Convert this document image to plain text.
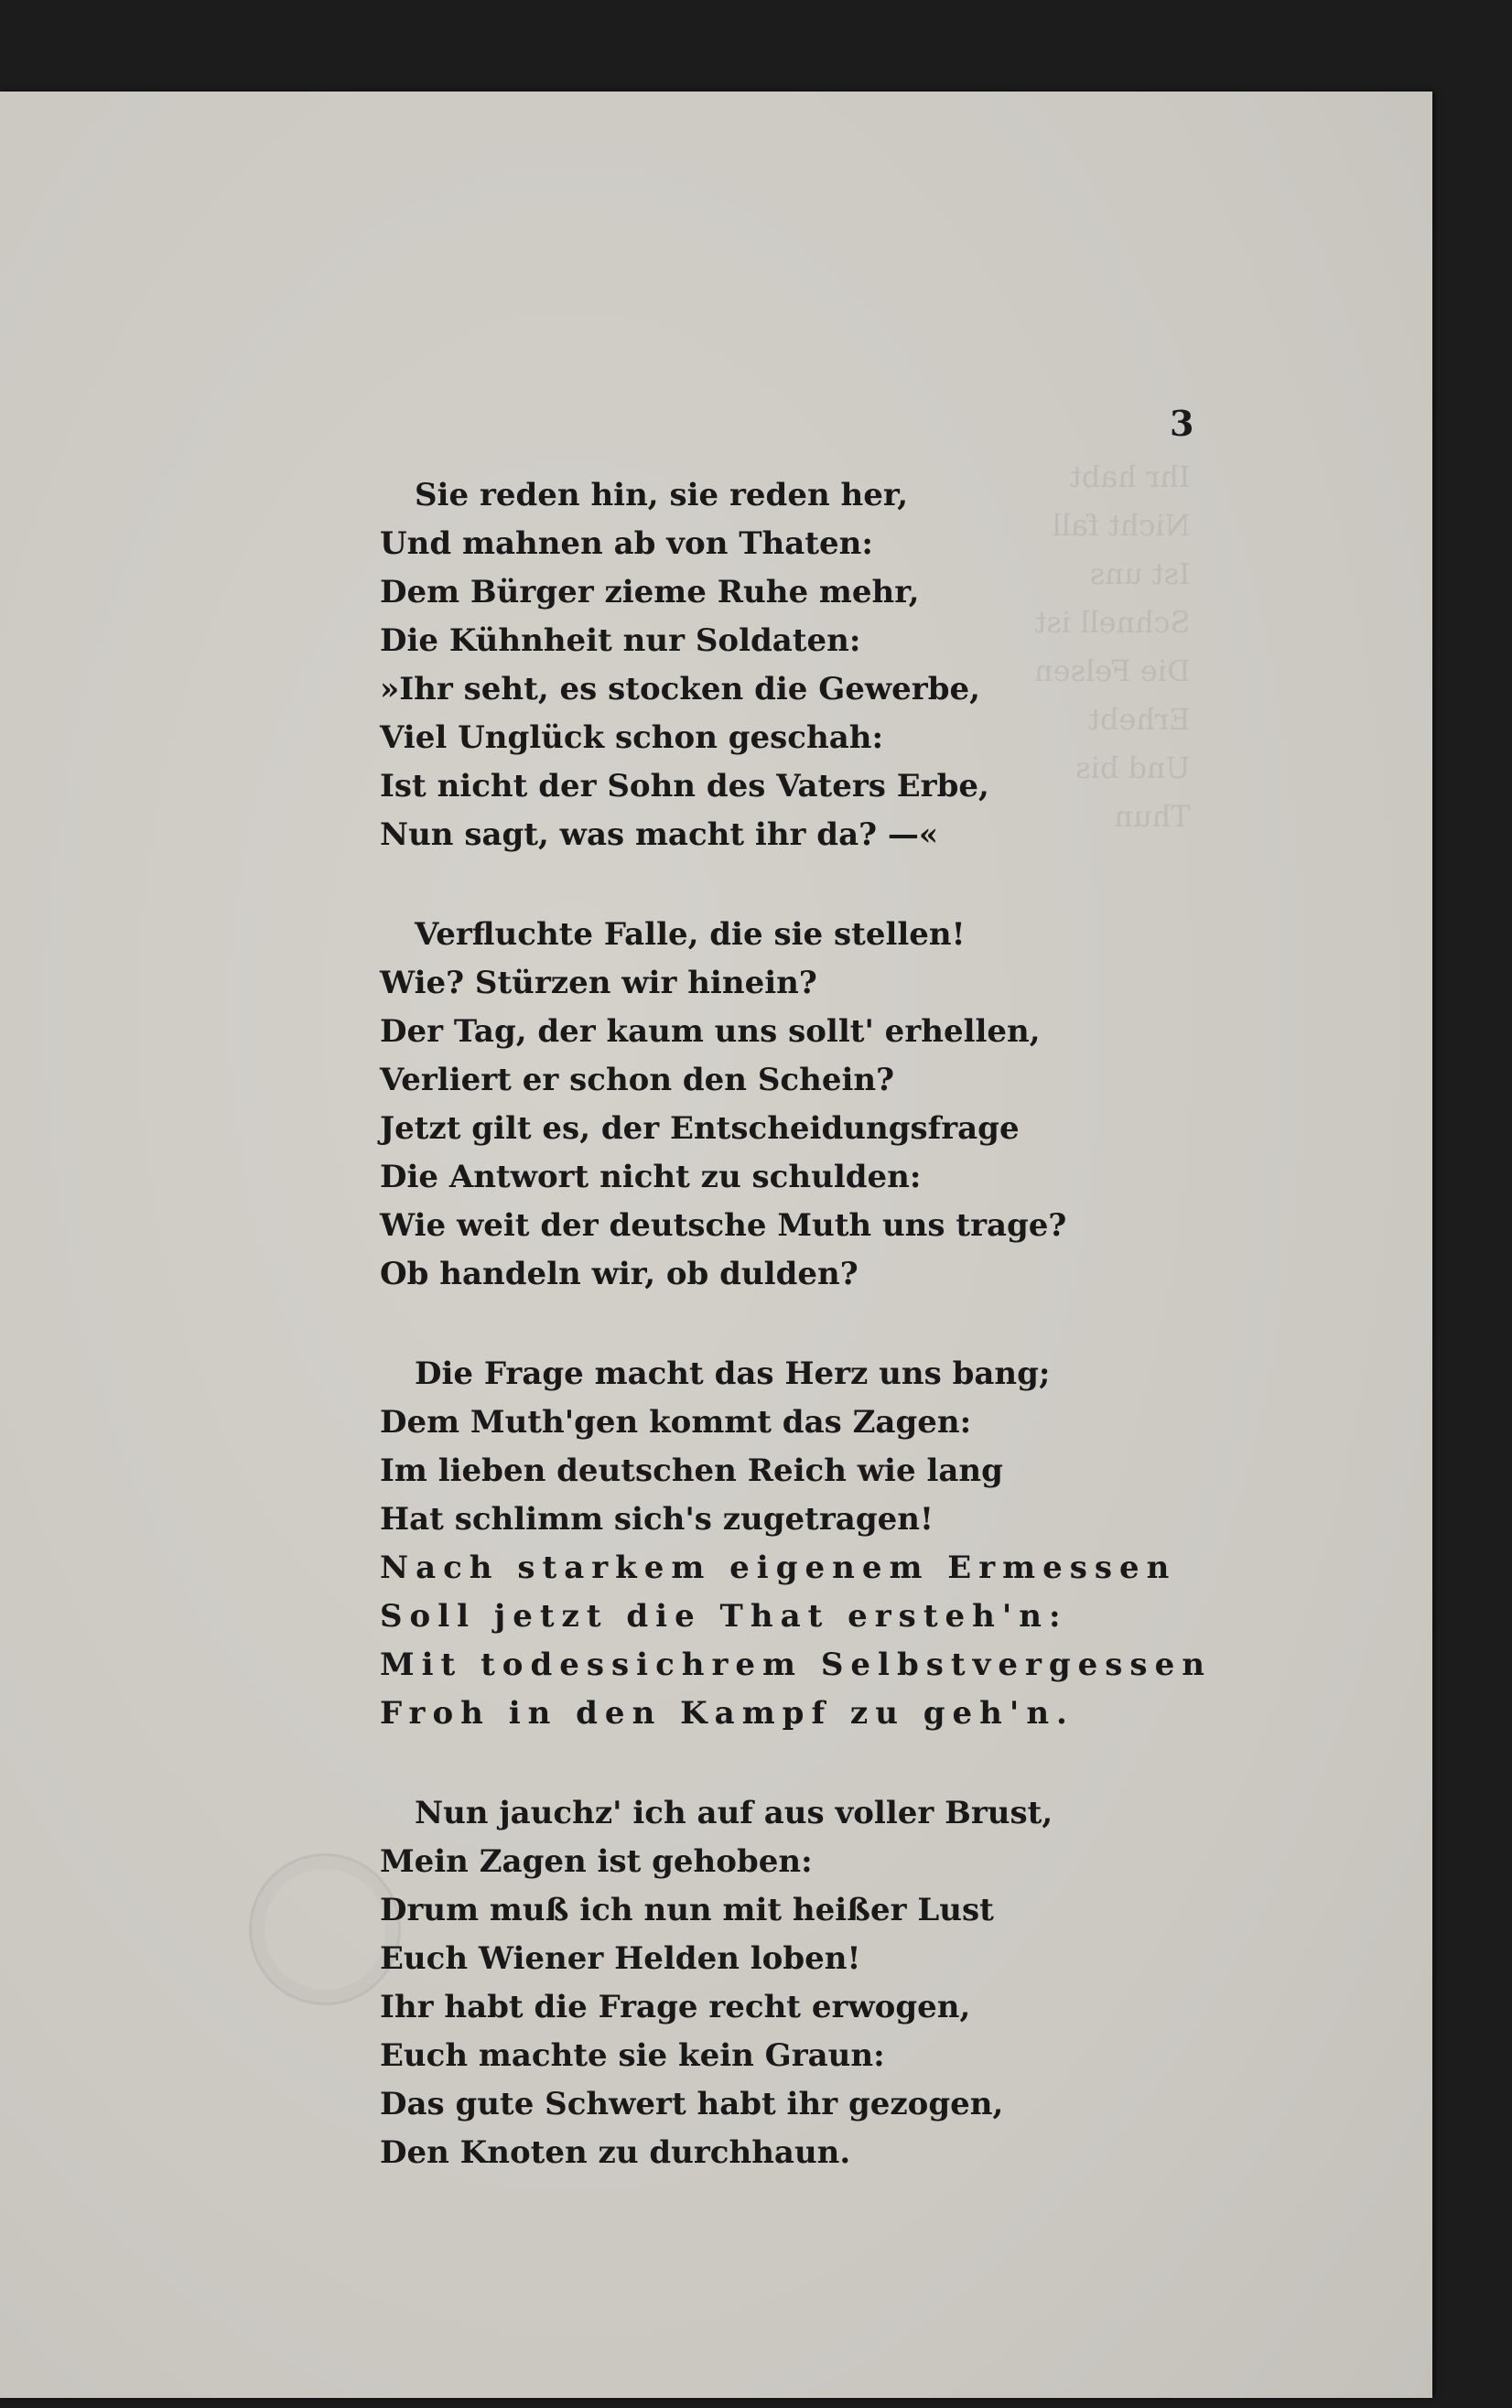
Ihr habt
Nicht fall
Ist uns
Schnell ist
Die Felsen
Erhebt
Und bis
Thun
3
Sie reden hin, sie reden her,
Und mahnen ab von Thaten:
Dem Bürger zieme Ruhe mehr,
Die Kühnheit nur Soldaten:
»Ihr seht, es stocken die Gewerbe,
Viel Unglück schon geschah:
Ist nicht der Sohn des Vaters Erbe,
Nun sagt, was macht ihr da? —«
Verfluchte Falle, die sie stellen!
Wie? Stürzen wir hinein?
Der Tag, der kaum uns sollt' erhellen,
Verliert er schon den Schein?
Jetzt gilt es, der Entscheidungsfrage
Die Antwort nicht zu schulden:
Wie weit der deutsche Muth uns trage?
Ob handeln wir, ob dulden?
Die Frage macht das Herz uns bang;
Dem Muth'gen kommt das Zagen:
Im lieben deutschen Reich wie lang
Hat schlimm sich's zugetragen!
Nach starkem eigenem Ermessen
Soll jetzt die That ersteh'n:
Mit todessichrem Selbstvergessen
Froh in den Kampf zu geh'n.
Nun jauchz' ich auf aus voller Brust,
Mein Zagen ist gehoben:
Drum muß ich nun mit heißer Lust
Euch Wiener Helden loben!
Ihr habt die Frage recht erwogen,
Euch machte sie kein Graun:
Das gute Schwert habt ihr gezogen,
Den Knoten zu durchhaun.
